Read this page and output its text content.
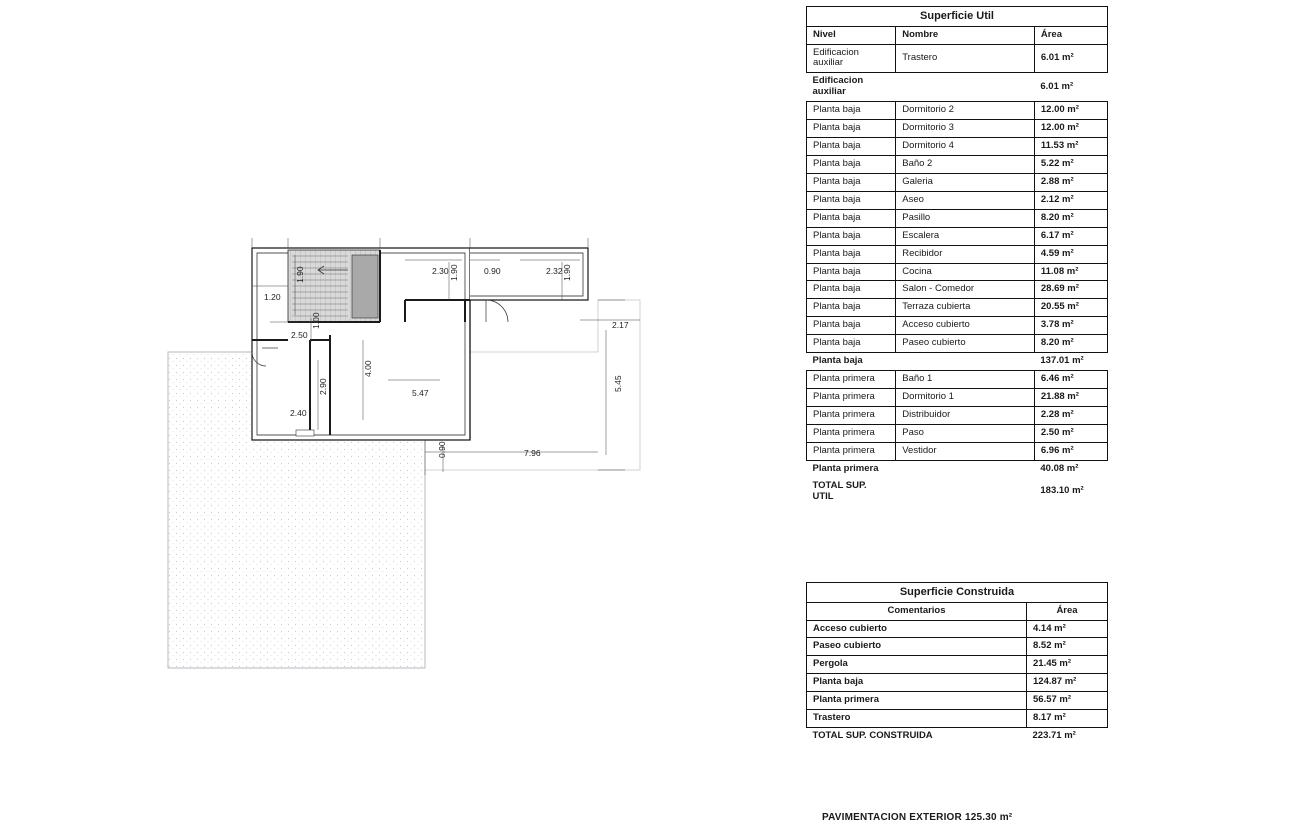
1.20
1.90	2.30 1.90	0.90	2.32 1.90
2.17
2.50
1.00
4.00
5.47
2.90
2.40
5.45
7.96
0.90
Superficie Util		
Nivel	Nombre	Área
Edificacion auxiliar	Trastero	6.01 m²
Edificacion auxiliar		6.01 m²
Planta baja	Dormitorio 2	12.00 m²
Planta baja	Dormitorio 3	12.00 m²
Planta baja	Dormitorio 4	11.53 m²
Planta baja	Baño 2	5.22 m²
Planta baja	Galeria	2.88 m²
Planta baja	Aseo	2.12 m²
Planta baja	Pasillo	8.20 m²
Planta baja	Escalera	6.17 m²
Planta baja	Recibidor	4.59 m²
Planta baja	Cocina	11.08 m²
Planta baja	Salon - Comedor	28.69 m²
Planta baja	Terraza cubierta	20.55 m²
Planta baja	Acceso cubierto	3.78 m²
Planta baja	Paseo cubierto	8.20 m²
Planta baja		137.01 m²
Planta primera	Baño 1	6.46 m²
Planta primera	Dormitorio 1	21.88 m²
Planta primera	Distribuidor	2.28 m²
Planta primera	Paso	2.50 m²
Planta primera	Vestidor	6.96 m²
Planta primera		40.08 m²
TOTAL SUP. UTIL		183.10 m²
Superficie Construida	
Comentarios	Área
Acceso cubierto	4.14 m²
Paseo cubierto	8.52 m²
Pergola	21.45 m²
Planta baja	124.87 m²
Planta primera	56.57 m²
Trastero	8.17 m²
TOTAL SUP. CONSTRUIDA	223.71 m²
PAVIMENTACION EXTERIOR 125.30 m²
